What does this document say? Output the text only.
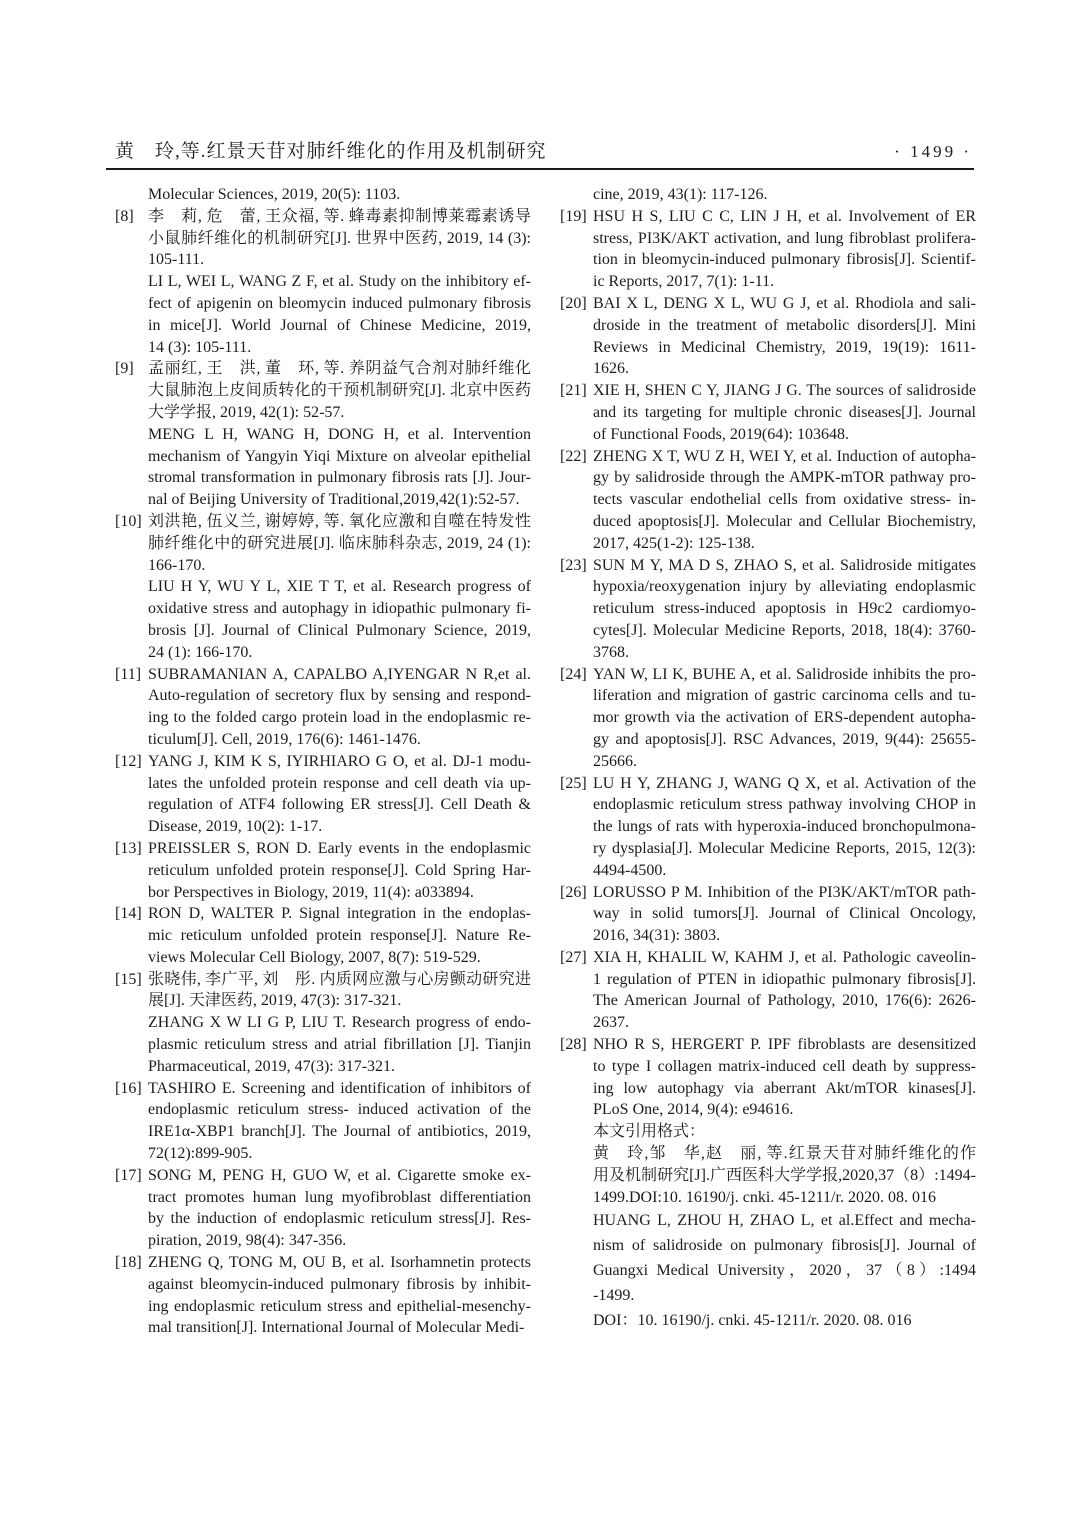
黄　玲,等.红景天苷对肺纤维化的作用及机制研究	· 1499 ·
Molecular Sciences, 2019, 20(5): 1103.
[8] 李　莉, 危　蕾, 王众福, 等. 蜂毒素抑制博莱霉素诱导
小鼠肺纤维化的机制研究[J]. 世界中医药, 2019, 14 (3):
105-111.
LI L, WEI L, WANG Z F, et al. Study on the inhibitory ef-
fect of apigenin on bleomycin induced pulmonary fibrosis
in mice[J]. World Journal of Chinese Medicine, 2019,
14 (3): 105-111.
[9] 孟丽红, 王　洪, 董　环, 等. 养阴益气合剂对肺纤维化
大鼠肺泡上皮间质转化的干预机制研究[J]. 北京中医药
大学学报, 2019, 42(1): 52-57.
MENG L H, WANG H, DONG H, et al. Intervention
mechanism of Yangyin Yiqi Mixture on alveolar epithelial
stromal transformation in pulmonary fibrosis rats [J]. Jour-
nal of Beijing University of Traditional,2019,42(1):52-57.
[10] 刘洪艳, 伍义兰, 谢婷婷, 等. 氧化应激和自噬在特发性
肺纤维化中的研究进展[J]. 临床肺科杂志, 2019, 24 (1):
166-170.
LIU H Y, WU Y L, XIE T T, et al. Research progress of
oxidative stress and autophagy in idiopathic pulmonary fi-
brosis [J]. Journal of Clinical Pulmonary Science, 2019,
24 (1): 166-170.
[11] SUBRAMANIAN A, CAPALBO A,IYENGAR N R,et al.
Auto-regulation of secretory flux by sensing and respond-
ing to the folded cargo protein load in the endoplasmic re-
ticulum[J]. Cell, 2019, 176(6): 1461-1476.
[12] YANG J, KIM K S, IYIRHIARO G O, et al. DJ-1 modu-
lates the unfolded protein response and cell death via up-
regulation of ATF4 following ER stress[J]. Cell Death &
Disease, 2019, 10(2): 1-17.
[13] PREISSLER S, RON D. Early events in the endoplasmic
reticulum unfolded protein response[J]. Cold Spring Har-
bor Perspectives in Biology, 2019, 11(4): a033894.
[14] RON D, WALTER P. Signal integration in the endoplas-
mic reticulum unfolded protein response[J]. Nature Re-
views Molecular Cell Biology, 2007, 8(7): 519-529.
[15] 张晓伟, 李广平, 刘　彤. 内质网应激与心房颤动研究进
展[J]. 天津医药, 2019, 47(3): 317-321.
ZHANG X W LI G P, LIU T. Research progress of endo-
plasmic reticulum stress and atrial fibrillation [J]. Tianjin
Pharmaceutical, 2019, 47(3): 317-321.
[16] TASHIRO E. Screening and identification of inhibitors of
endoplasmic reticulum stress- induced activation of the
IRE1α-XBP1 branch[J]. The Journal of antibiotics, 2019,
72(12):899-905.
[17] SONG M, PENG H, GUO W, et al. Cigarette smoke ex-
tract promotes human lung myofibroblast differentiation
by the induction of endoplasmic reticulum stress[J]. Res-
piration, 2019, 98(4): 347-356.
[18] ZHENG Q, TONG M, OU B, et al. Isorhamnetin protects
against bleomycin-induced pulmonary fibrosis by inhibit-
ing endoplasmic reticulum stress and epithelial-mesenchy-
mal transition[J]. International Journal of Molecular Medi-
cine, 2019, 43(1): 117-126.
[19] HSU H S, LIU C C, LIN J H, et al. Involvement of ER
stress, PI3K/AKT activation, and lung fibroblast prolifera-
tion in bleomycin-induced pulmonary fibrosis[J]. Scientif-
ic Reports, 2017, 7(1): 1-11.
[20] BAI X L, DENG X L, WU G J, et al. Rhodiola and sali-
droside in the treatment of metabolic disorders[J]. Mini
Reviews in Medicinal Chemistry, 2019, 19(19): 1611-
1626.
[21] XIE H, SHEN C Y, JIANG J G. The sources of salidroside
and its targeting for multiple chronic diseases[J]. Journal
of Functional Foods, 2019(64): 103648.
[22] ZHENG X T, WU Z H, WEI Y, et al. Induction of autopha-
gy by salidroside through the AMPK-mTOR pathway pro-
tects vascular endothelial cells from oxidative stress- in-
duced apoptosis[J]. Molecular and Cellular Biochemistry,
2017, 425(1-2): 125-138.
[23] SUN M Y, MA D S, ZHAO S, et al. Salidroside mitigates
hypoxia/reoxygenation injury by alleviating endoplasmic
reticulum stress-induced apoptosis in H9c2 cardiomyo-
cytes[J]. Molecular Medicine Reports, 2018, 18(4): 3760-
3768.
[24] YAN W, LI K, BUHE A, et al. Salidroside inhibits the pro-
liferation and migration of gastric carcinoma cells and tu-
mor growth via the activation of ERS-dependent autopha-
gy and apoptosis[J]. RSC Advances, 2019, 9(44): 25655-
25666.
[25] LU H Y, ZHANG J, WANG Q X, et al. Activation of the
endoplasmic reticulum stress pathway involving CHOP in
the lungs of rats with hyperoxia-induced bronchopulmona-
ry dysplasia[J]. Molecular Medicine Reports, 2015, 12(3):
4494-4500.
[26] LORUSSO P M. Inhibition of the PI3K/AKT/mTOR path-
way in solid tumors[J]. Journal of Clinical Oncology,
2016, 34(31): 3803.
[27] XIA H, KHALIL W, KAHM J, et al. Pathologic caveolin-
1 regulation of PTEN in idiopathic pulmonary fibrosis[J].
The American Journal of Pathology, 2010, 176(6): 2626-
2637.
[28] NHO R S, HERGERT P. IPF fibroblasts are desensitized
to type I collagen matrix-induced cell death by suppress-
ing low autophagy via aberrant Akt/mTOR kinases[J].
PLoS One, 2014, 9(4): e94616.
本文引用格式：
黄　玲,邹　华,赵　丽, 等.红景天苷对肺纤维化的作
用及机制研究[J].广西医科大学学报,2020,37（8）:1494-
1499.DOI:10. 16190/j. cnki. 45-1211/r. 2020. 08. 016
HUANG L, ZHOU H, ZHAO L, et al.Effect and mecha-
nism of salidroside on pulmonary fibrosis[J]. Journal of
Guangxi Medical University，2020，37（8）:1494 -1499.
DOI：10. 16190/j. cnki. 45-1211/r. 2020. 08. 016
